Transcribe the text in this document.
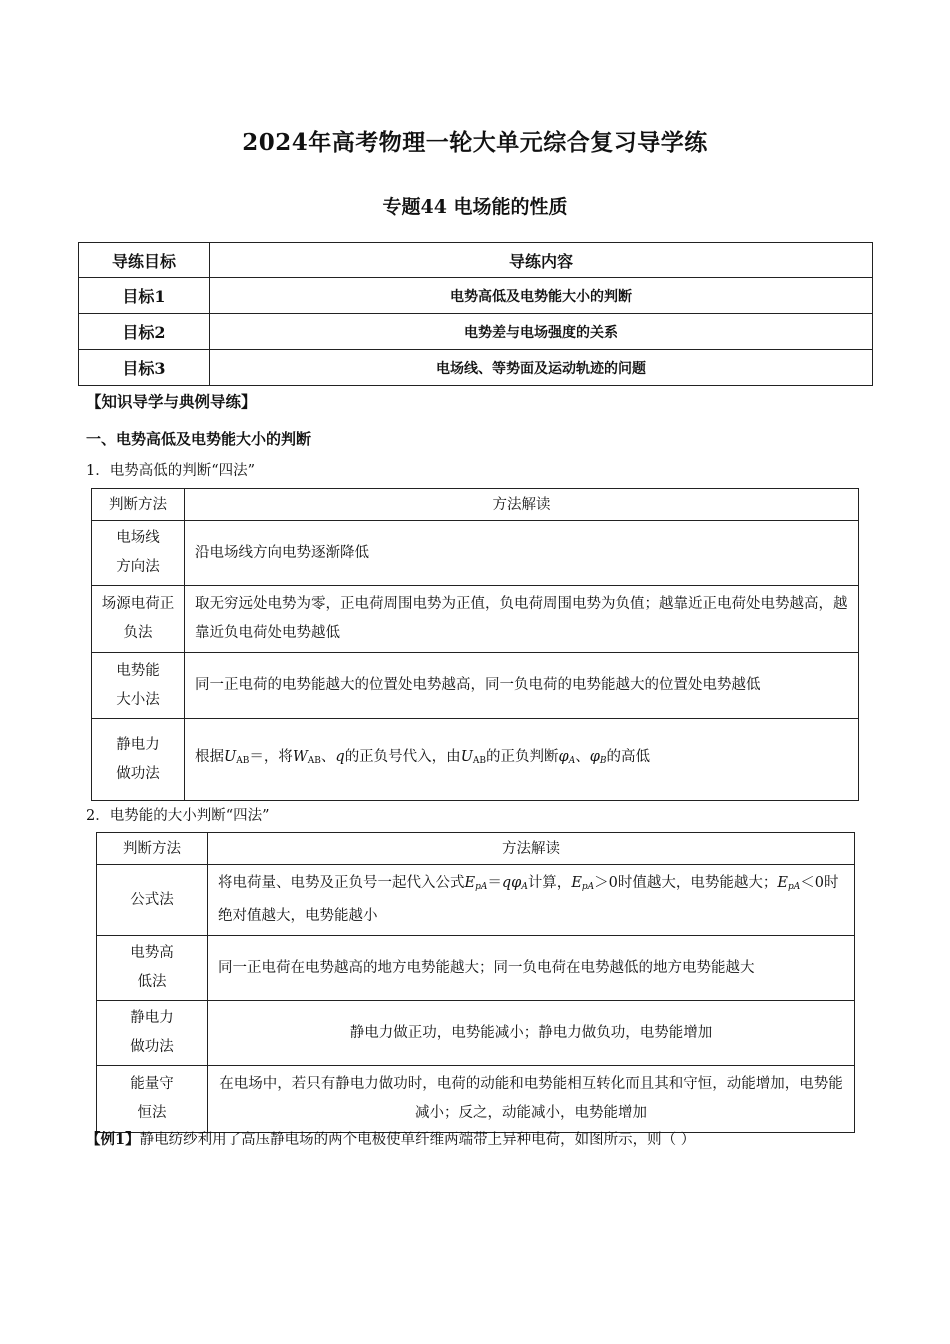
2024年高考物理一轮大单元综合复习导学练
专题44 电场能的性质
导练目标	导练内容
目标1	电势高低及电势能大小的判断
目标2	电势差与电场强度的关系
目标3	电场线、等势面及运动轨迹的问题
【知识导学与典例导练】
一、电势高低及电势能大小的判断
1．电势高低的判断“四法”
判断方法	方法解读
电场线
方向法	沿电场线方向电势逐渐降低
场源电荷正
负法	取无穷远处电势为零，正电荷周围电势为正值，负电荷周围电势为负值；越靠近正电荷处电势越高，越靠近负电荷处电势越低
电势能
大小法	同一正电荷的电势能越大的位置处电势越高，同一负电荷的电势能越大的位置处电势越低
静电力
做功法	根据$U_{AB}=$，将$W_{AB}$、q的正负号代入，由$U_{AB}$的正负判断$\varphi_A$、$\varphi_B$的高低
2．电势能的大小判断“四法”
判断方法	方法解读
公式法	将电荷量、电势及正负号一起代入公式$E_{pA}=q\varphi_A$计算，$E_{pA}>0$时值越大，电势能越大；$E_{pA}<0$时绝对值越大，电势能越小
电势高
低法	同一正电荷在电势越高的地方电势能越大；同一负电荷在电势越低的地方电势能越大
静电力
做功法	静电力做正功，电势能减小；静电力做负功，电势能增加
能量守
恒法	在电场中，若只有静电力做功时，电荷的动能和电势能相互转化而且其和守恒，动能增加，电势能减小；反之，动能减小，电势能增加
【例1】静电纺纱利用了高压静电场的两个电极使单纤维两端带上异种电荷，如图所示，则（ ）
